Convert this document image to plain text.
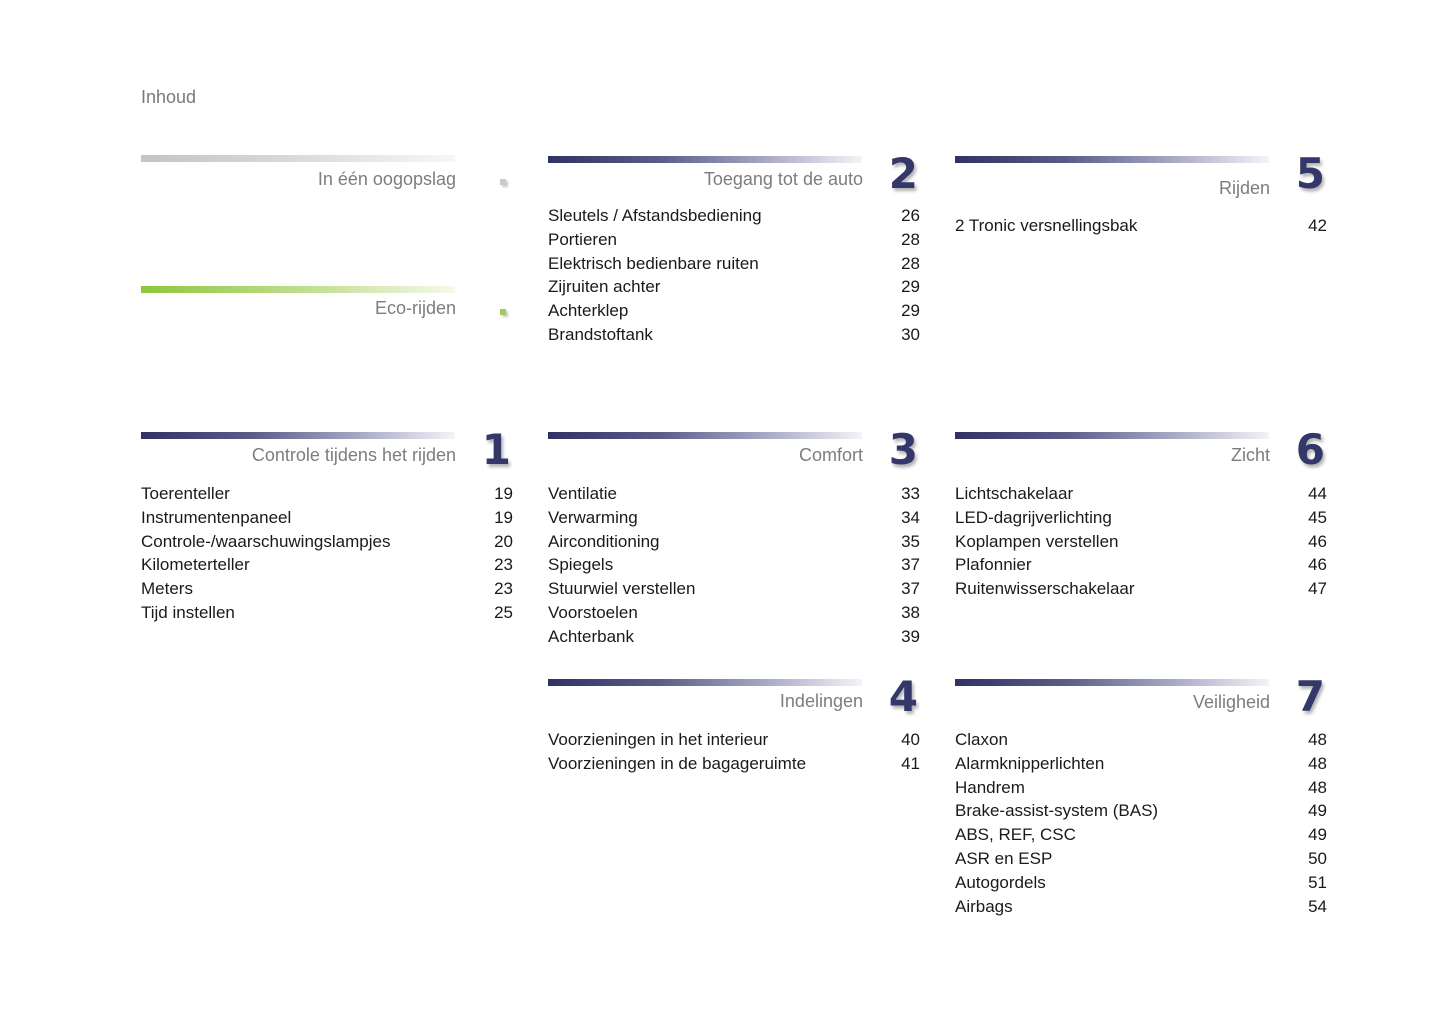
Inhoud
In één oogopslag
Eco-rijden
Controle tijdens het rijden 1
Toerenteller	19
Instrumentenpaneel	19
Controle-/waarschuwingslampjes	20
Kilometerteller	23
Meters	23
Tijd instellen	25
Toegang tot de auto 2
Sleutels / Afstandsbediening	26
Portieren	28
Elektrisch bedienbare ruiten	28
Zijruiten achter	29
Achterklep	29
Brandstoftank	30
Comfort 3
Ventilatie	33
Verwarming	34
Airconditioning	35
Spiegels	37
Stuurwiel verstellen	37
Voorstoelen	38
Achterbank	39
Indelingen 4
Voorzieningen in het interieur	40
Voorzieningen in de bagageruimte	41
Rijden 5
2 Tronic versnellingsbak	42
Zicht 6
Lichtschakelaar	44
LED-dagrijverlichting	45
Koplampen verstellen	46
Plafonnier	46
Ruitenwisserschakelaar	47
Veiligheid 7
Claxon	48
Alarmknipperlichten	48
Handrem	48
Brake-assist-system (BAS)	49
ABS, REF, CSC	49
ASR en ESP	50
Autogordels	51
Airbags	54
